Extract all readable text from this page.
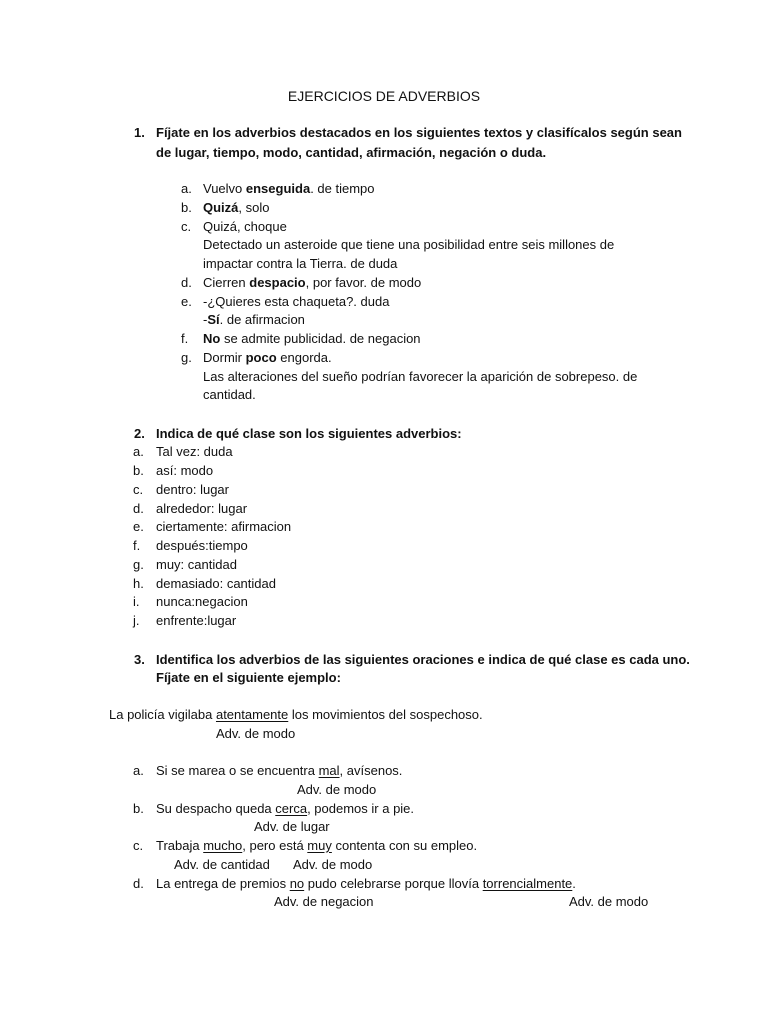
EJERCICIOS DE ADVERBIOS
1. Fíjate en los adverbios destacados en los siguientes textos y clasifícalos según sean
de lugar, tiempo, modo, cantidad, afirmación, negación o duda.
a. Vuelvo enseguida. de tiempo
b. Quizá, solo
c. Quizá, choque
Detectado un asteroide que tiene una posibilidad entre seis millones de
impactar contra la Tierra. de duda
d. Cierren despacio, por favor. de modo
e. -¿Quieres esta chaqueta?. duda
-Sí. de afirmacion
f. No se admite publicidad. de negacion
g. Dormir poco engorda.
Las alteraciones del sueño podrían favorecer la aparición de sobrepeso. de
cantidad.
2. Indica de qué clase son los siguientes adverbios:
a. Tal vez: duda
b. así: modo
c. dentro: lugar
d. alrededor: lugar
e. ciertamente: afirmacion
f. después:tiempo
g. muy: cantidad
h. demasiado: cantidad
i. nunca:negacion
j. enfrente:lugar
3. Identifica los adverbios de las siguientes oraciones e indica de qué clase es cada uno.
Fíjate en el siguiente ejemplo:
La policía vigilaba atentamente los movimientos del sospechoso.
Adv. de modo
a. Si se marea o se encuentra mal, avísenos.
Adv. de modo
b. Su despacho queda cerca, podemos ir a pie.
Adv. de lugar
c. Trabaja mucho, pero está muy contenta con su empleo.
Adv. de cantidad Adv. de modo
d. La entrega de premios no pudo celebrarse porque llovía torrencialmente.
Adv. de negacion	Adv. de modo
